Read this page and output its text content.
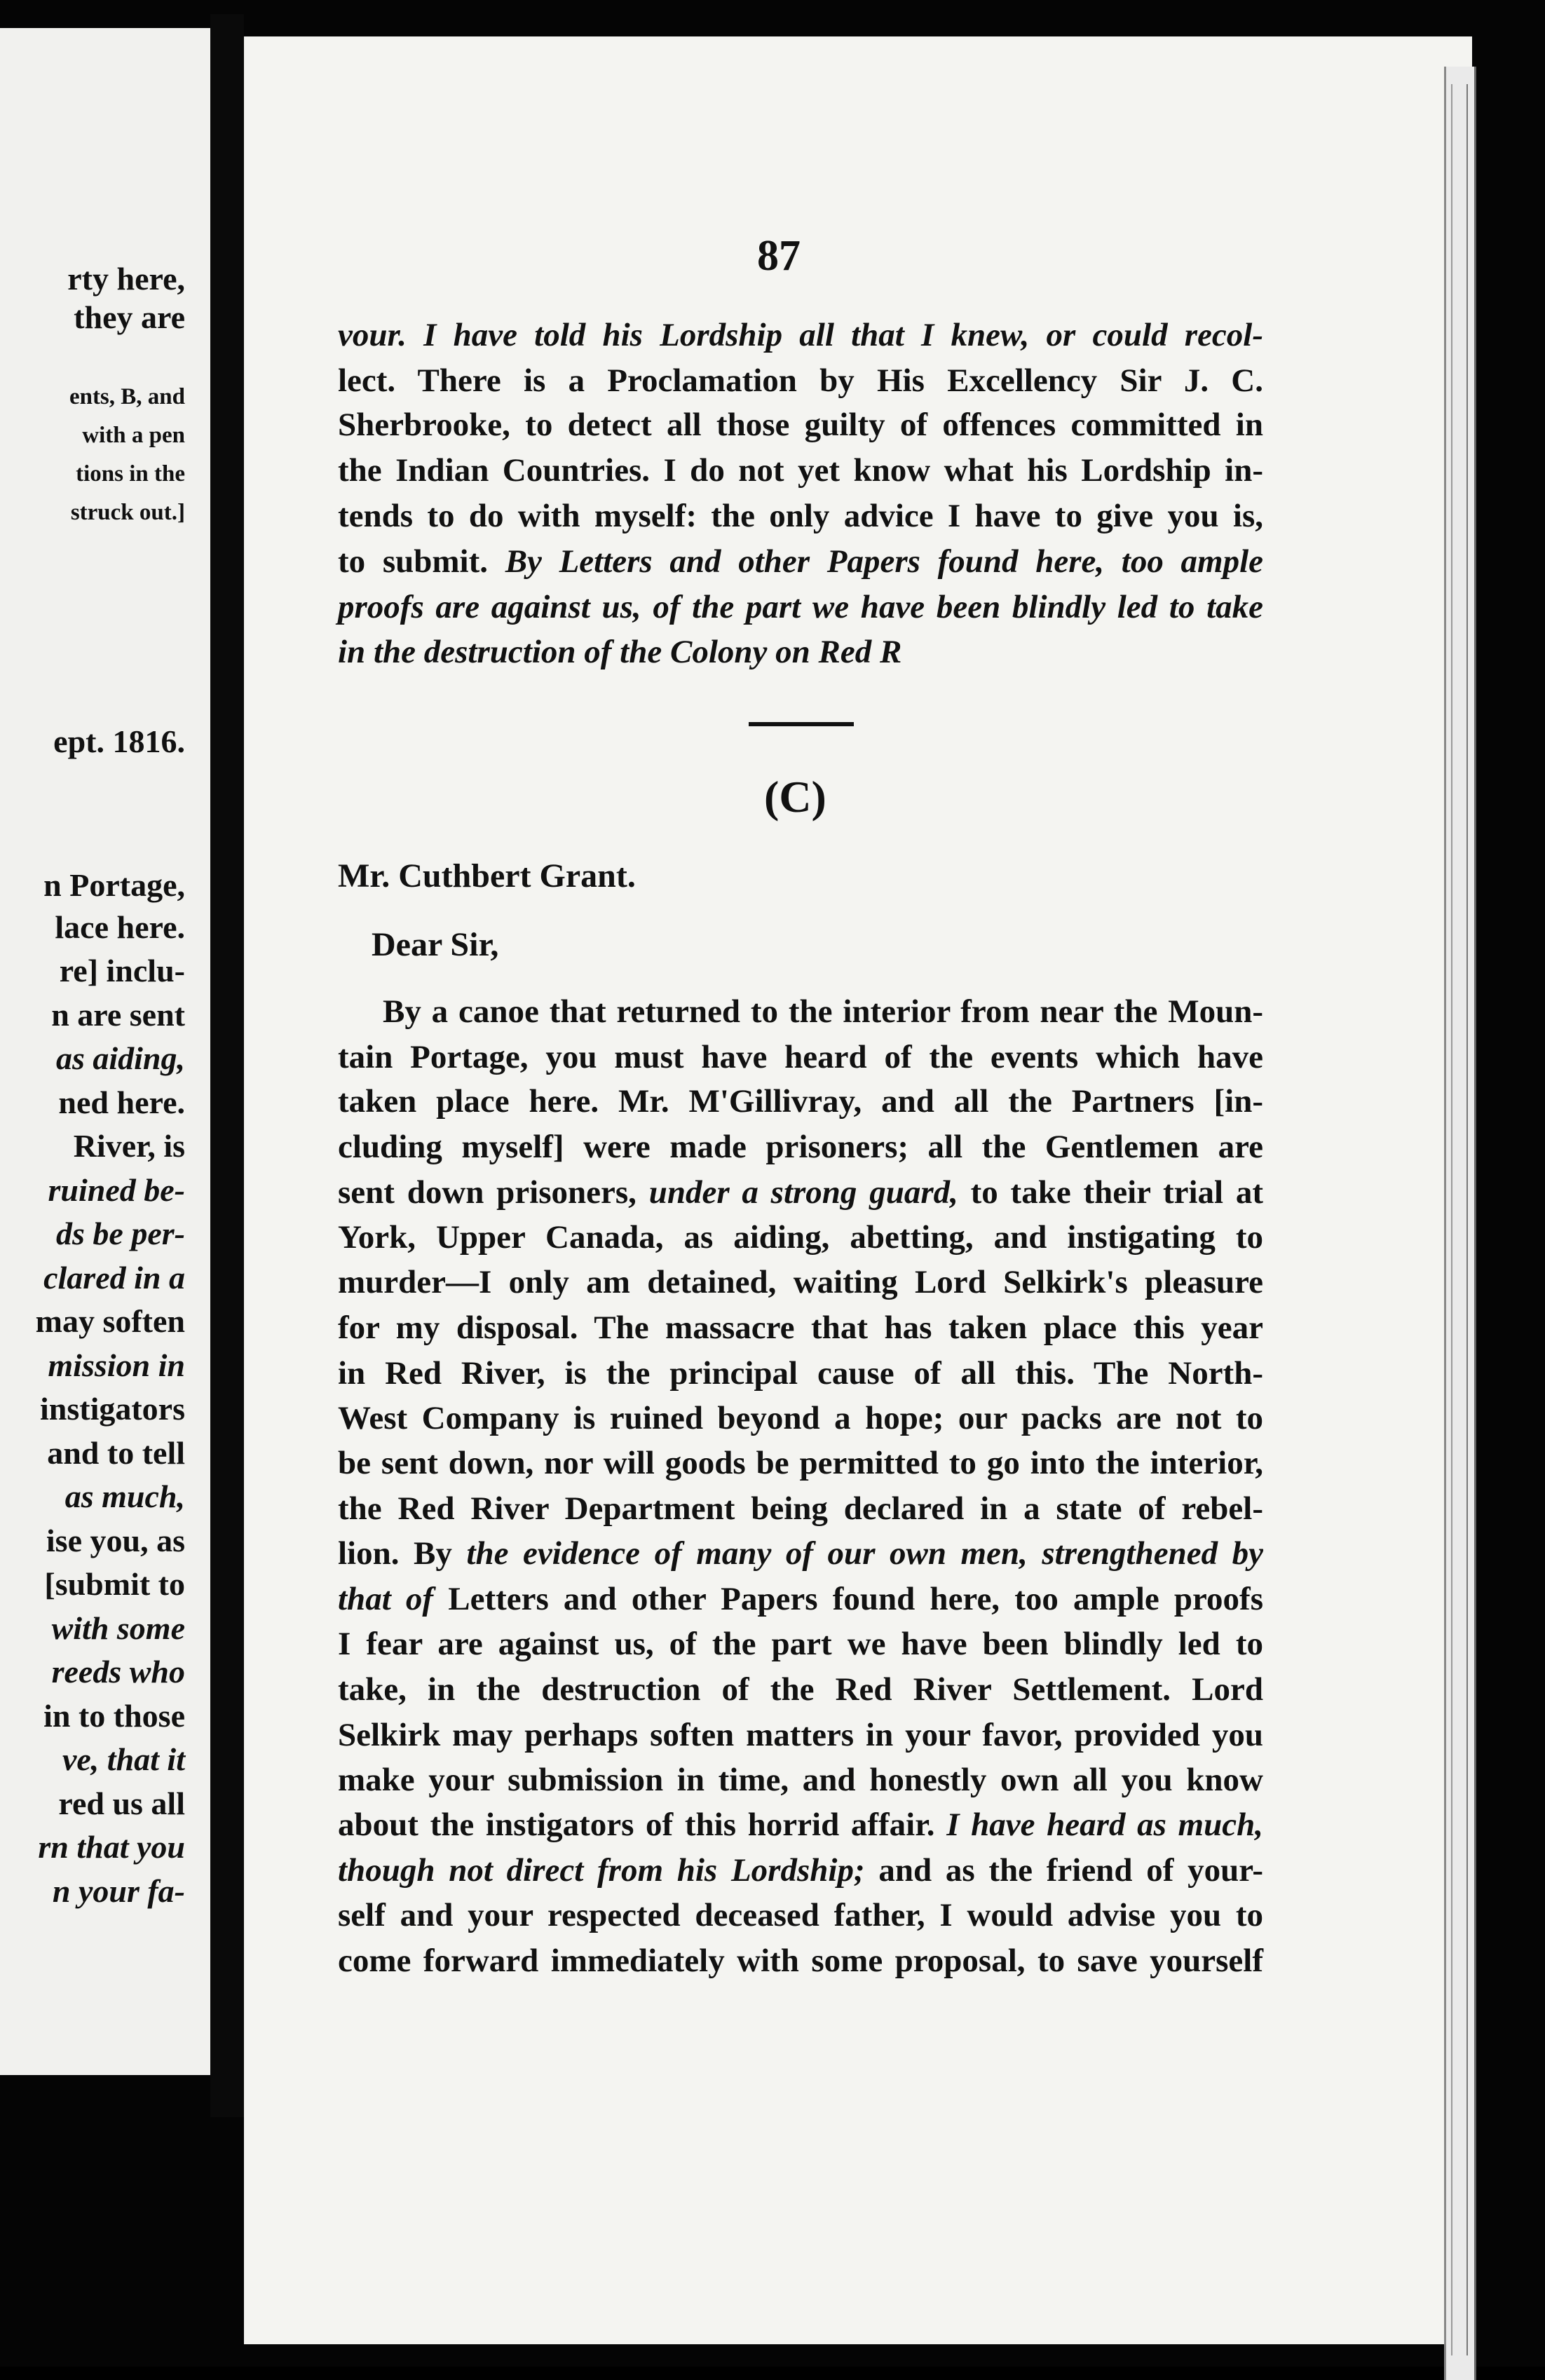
rty here,
they are
ents, B, and
with a pen
tions in the
struck out.]
ept. 1816.
n Portage,
lace here.
re] inclu-
n are sent
as aiding,
ned here.
River, is
ruined be-
ds be per-
clared in a
may soften
mission in
instigators
and to tell
as much,
ise you, as
[submit to
with some
reeds who
in to those
ve, that it
red us all
rn that you
n your fa-
87
vour. I have told his Lordship all that I knew, or could recol-
lect. There is a Proclamation by His Excellency Sir J. C.
Sherbrooke, to detect all those guilty of offences committed in
the Indian Countries. I do not yet know what his Lordship in-
tends to do with myself: the only advice I have to give you is,
to submit. By Letters and other Papers found here, too ample
proofs are against us, of the part we have been blindly led to take
in the destruction of the Colony on Red R
(C)
Mr. Cuthbert Grant.
Dear Sir,
By a canoe that returned to the interior from near the Moun-
tain Portage, you must have heard of the events which have
taken place here. Mr. M'Gillivray, and all the Partners [in-
cluding myself] were made prisoners; all the Gentlemen are
sent down prisoners, under a strong guard, to take their trial at
York, Upper Canada, as aiding, abetting, and instigating to
murder—I only am detained, waiting Lord Selkirk's pleasure
for my disposal. The massacre that has taken place this year
in Red River, is the principal cause of all this. The North-
West Company is ruined beyond a hope; our packs are not to
be sent down, nor will goods be permitted to go into the interior,
the Red River Department being declared in a state of rebel-
lion. By the evidence of many of our own men, strengthened by
that of Letters and other Papers found here, too ample proofs
I fear are against us, of the part we have been blindly led to
take, in the destruction of the Red River Settlement. Lord
Selkirk may perhaps soften matters in your favor, provided you
make your submission in time, and honestly own all you know
about the instigators of this horrid affair. I have heard as much,
though not direct from his Lordship; and as the friend of your-
self and your respected deceased father, I would advise you to
come forward immediately with some proposal, to save yourself
